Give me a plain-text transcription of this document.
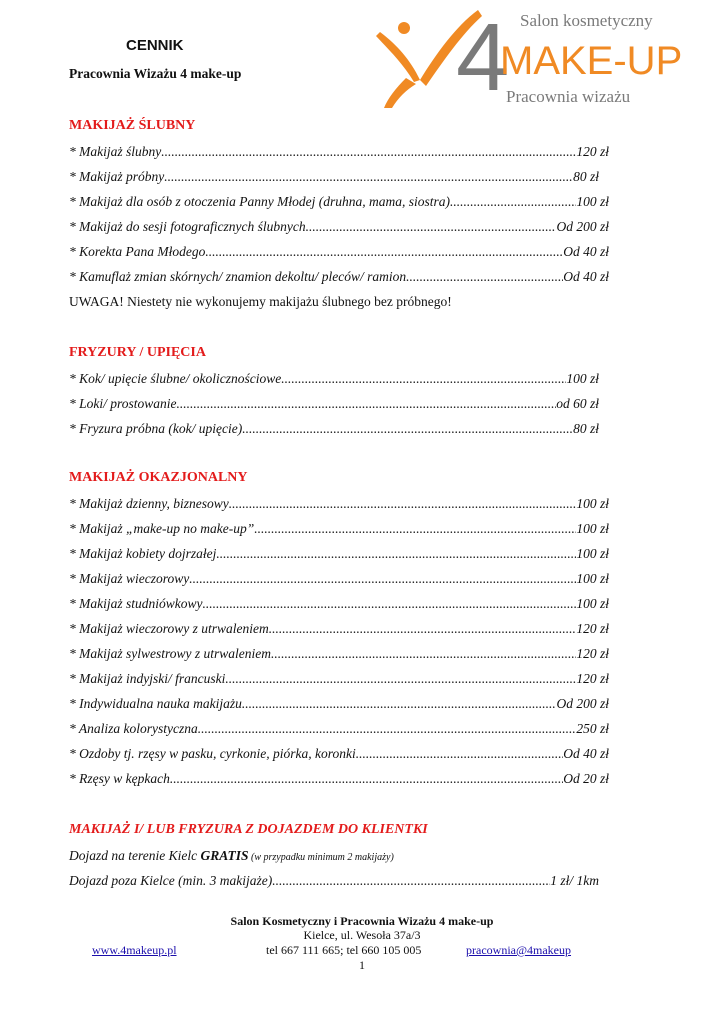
CENNIK
Pracownia Wizażu 4 make-up 4 Salon kosmetyczny
MAKE-UP
Pracownia wizażu
MAKIJAŻ ŚLUBNY
* Makijaż ślubny .....	120 zł
* Makijaż próbny .....	80 zł
* Makijaż dla osób z otoczenia Panny Młodej (druhna, mama, siostra) .....	100 zł
* Makijaż do sesji fotograficznych ślubnych .....	Od 200 zł
* Korekta Pana Młodego .....	Od 40 zł
* Kamuflaż zmian skórnych/ znamion dekoltu/ pleców/ ramion .....	Od 40 zł
UWAGA! Niestety nie wykonujemy makijażu ślubnego bez próbnego!
FRYZURY / UPIĘCIA
* Kok/ upięcie ślubne/ okolicznościowe .....	100 zł
* Loki/ prostowanie .....	od 60 zł
* Fryzura próbna (kok/ upięcie) .....	80 zł
MAKIJAŻ OKAZJONALNY
* Makijaż dzienny, biznesowy .....	100 zł
* Makijaż „make-up no make-up” .....	100 zł
* Makijaż kobiety dojrzałej .....	100 zł
* Makijaż wieczorowy .....	100 zł
* Makijaż studniówkowy .....	100 zł
* Makijaż wieczorowy z utrwaleniem .....	120 zł
* Makijaż sylwestrowy z utrwaleniem .....	120 zł
* Makijaż indyjski/ francuski .....	120 zł
* Indywidualna nauka makijażu .....	Od 200 zł
* Analiza kolorystyczna .....	250 zł
* Ozdoby tj. rzęsy w pasku, cyrkonie, piórka, koronki .....	Od 40 zł
* Rzęsy w kępkach .....	Od 20 zł
MAKIJAŻ I/ LUB FRYZURA Z DOJAZDEM DO KLIENTKI
Dojazd na terenie Kielc GRATIS (w przypadku minimum 2 makijaży)
Dojazd poza Kielce (min. 3 makijaże) .....	1 zł/ 1km
Salon Kosmetyczny i Pracownia Wizażu 4 make-up
Kielce, ul. Wesoła 37a/3
www.4makeup.pl	tel 667 111 665; tel 660 105 005	pracownia@4makeup
1
